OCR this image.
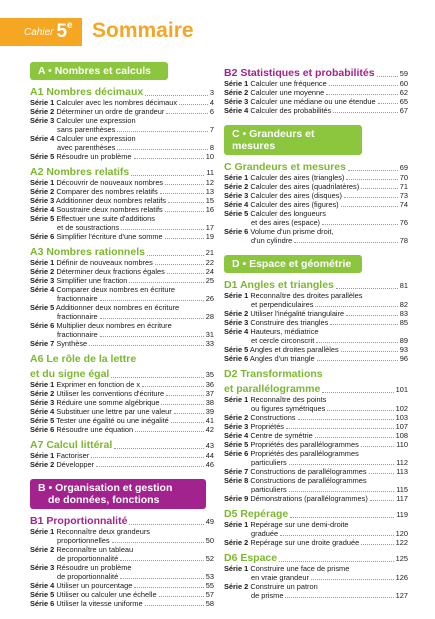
Cahier 5e Sommaire
A • Nombres et calculs
A1 Nombres décimaux	3
Série 1 Calculer avec les nombres décimaux	4
Série 2 Déterminer un ordre de grandeur	6
Série 3 Calculer une expression
sans parenthèses	7
Série 4 Calculer une expression
avec parenthèses	8
Série 5 Résoudre un problème	10
A2 Nombres relatifs	11
Série 1 Découvrir de nouveaux nombres	12
Série 2 Comparer des nombres relatifs	13
Série 3 Additionner deux nombres relatifs	15
Série 4 Soustraire deux nombres relatifs	16
Série 5 Effectuer une suite d'additions
et de soustractions	17
Série 6 Simplifier l'écriture d'une somme	19
A3 Nombres rationnels	21
Série 1 Définir de nouveaux nombres	22
Série 2 Déterminer deux fractions égales	24
Série 3 Simplifier une fraction	25
Série 4 Comparer deux nombres en écriture
fractionnaire	26
Série 5 Additionner deux nombres en écriture
fractionnaire	28
Série 6 Multiplier deux nombres en écriture
fractionnaire	31
Série 7 Synthèse	33
A6 Le rôle de la lettre
et du signe égal	35
Série 1 Exprimer en fonction de x	36
Série 2 Utiliser les conventions d'écriture	37
Série 3 Réduire une somme algébrique	38
Série 4 Substituer une lettre par une valeur	39
Série 5 Tester une égalité ou une inégalité	41
Série 6 Résoudre une équation	42
A7 Calcul littéral	43
Série 1 Factoriser	44
Série 2 Développer	46
B • Organisation et gestion
de données, fonctions
B1 Proportionnalité	49
Série 1 Reconnaître deux grandeurs
proportionnelles	50
Série 2 Reconnaître un tableau
de proportionnalité	52
Série 3 Résoudre un problème
de proportionnalité	53
Série 4 Utiliser un pourcentage	55
Série 5 Utiliser ou calculer une échelle	57
Série 6 Utiliser la vitesse uniforme	58
B2 Statistiques et probabilités	59
Série 1 Calculer une fréquence	60
Série 2 Calculer une moyenne	62
Série 3 Calculer une médiane ou une étendue	65
Série 4 Calculer des probabilités	67
C • Grandeurs et mesures
C Grandeurs et mesures	69
Série 1 Calculer des aires (triangles)	70
Série 2 Calculer des aires (quadrilatères)	71
Série 3 Calculer des aires (disques)	73
Série 4 Calculer des aires (figures)	74
Série 5 Calculer des longueurs
et des aires (espace)	76
Série 6 Volume d'un prisme droit,
d'un cylindre	78
D • Espace et géométrie
D1 Angles et triangles	81
Série 1 Reconnaître des droites parallèles
et perpendiculaires	82
Série 2 Utiliser l'inégalité triangulaire	83
Série 3 Construire des triangles	85
Série 4 Hauteurs, médiatrice
et cercle circonscrit	89
Série 5 Angles et droites parallèles	93
Série 6 Angles d'un triangle	96
D2 Transformations
et parallélogramme	101
Série 1 Reconnaître des points
ou figures symétriques	102
Série 2 Constructions	103
Série 3 Propriétés	107
Série 4 Centre de symétrie	108
Série 5 Propriétés des parallélogrammes	110
Série 6 Propriétés des parallélogrammes
particuliers	112
Série 7 Constructions de parallélogrammes	113
Série 8 Constructions de parallélogrammes
particuliers	115
Série 9 Démonstrations (parallélogrammes)	117
D5 Repérage	119
Série 1 Repérage sur une demi-droite
graduée	120
Série 2 Repérage sur une droite graduée	122
D6 Espace	125
Série 1 Construire une face de prisme
en vraie grandeur	126
Série 2 Construire un patron
de prisme	127
